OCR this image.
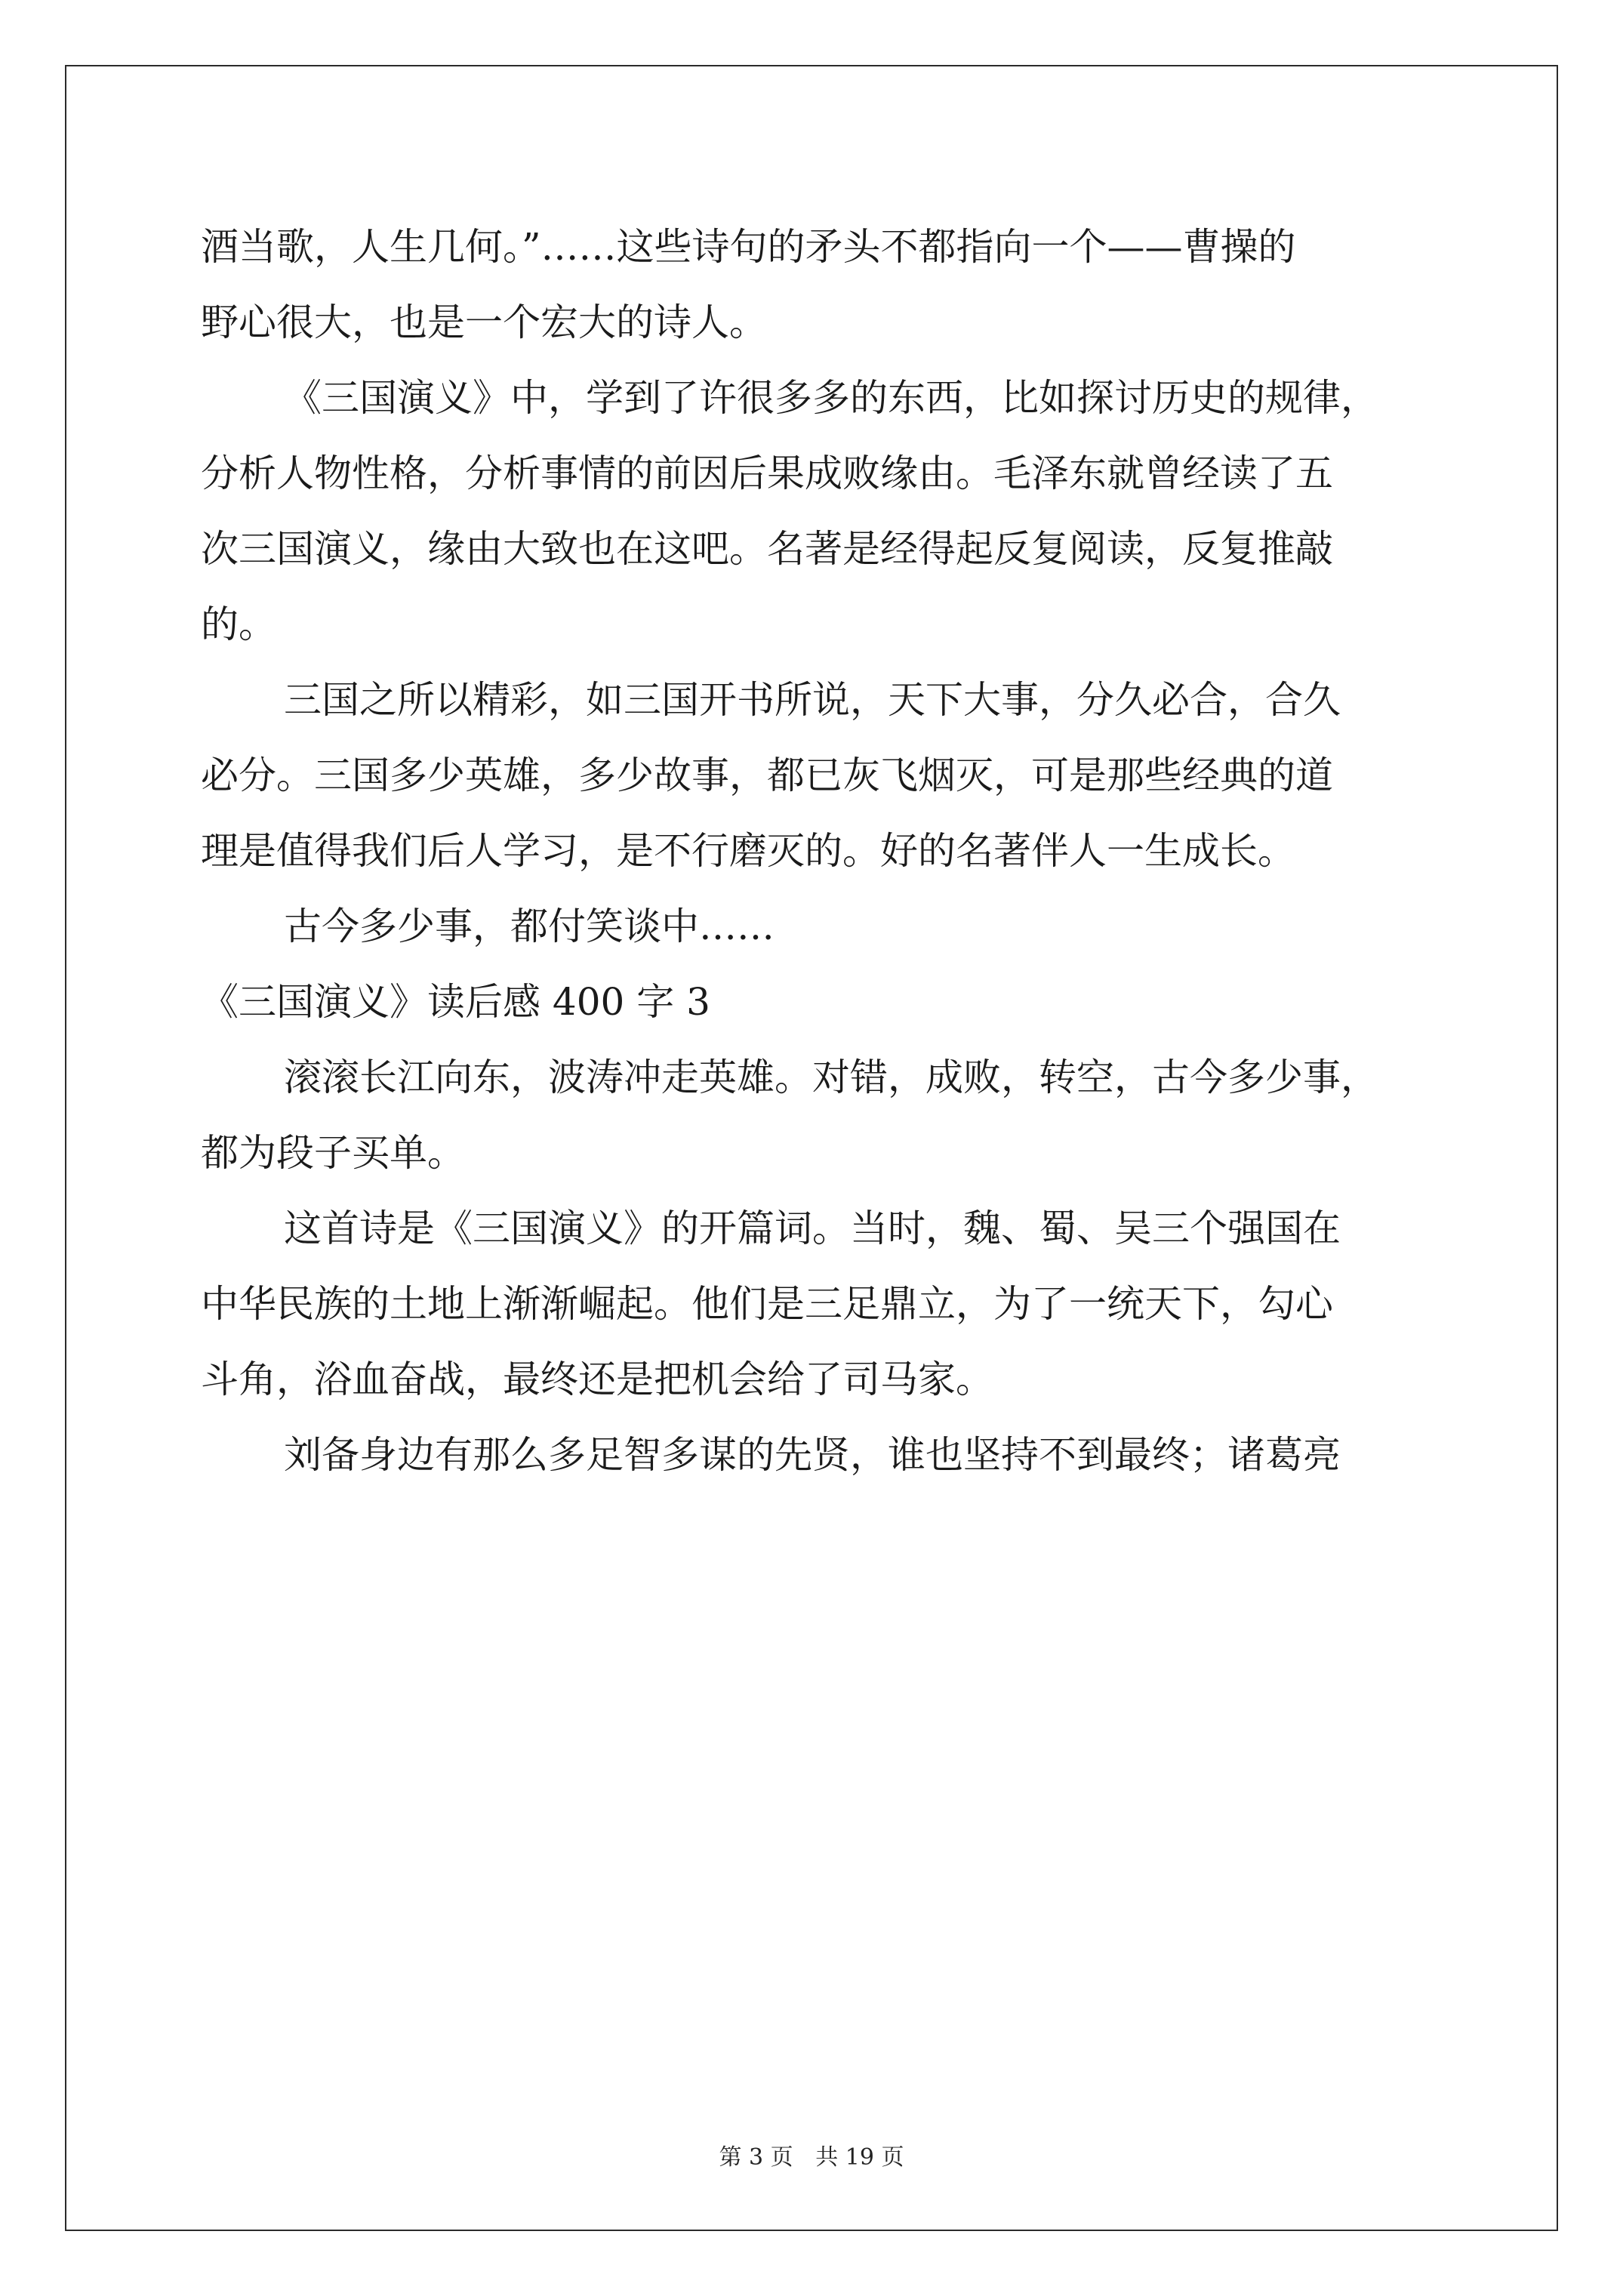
酒当歌，人生几何。”……这些诗句的矛头不都指向一个——曹操的
野心很大，也是一个宏大的诗人。
《三国演义》中，学到了许很多多的东西，比如探讨历史的规律，
分析人物性格，分析事情的前因后果成败缘由。毛泽东就曾经读了五
次三国演义，缘由大致也在这吧。名著是经得起反复阅读，反复推敲
的。
三国之所以精彩，如三国开书所说，天下大事，分久必合，合久
必分。三国多少英雄，多少故事，都已灰飞烟灭，可是那些经典的道
理是值得我们后人学习，是不行磨灭的。好的名著伴人一生成长。
古今多少事，都付笑谈中……
《三国演义》读后感 400 字 3
滚滚长江向东，波涛冲走英雄。对错，成败，转空，古今多少事，
都为段子买单。
这首诗是《三国演义》的开篇词。当时，魏、蜀、吴三个强国在
中华民族的土地上渐渐崛起。他们是三足鼎立，为了一统天下，勾心
斗角，浴血奋战，最终还是把机会给了司马家。
刘备身边有那么多足智多谋的先贤，谁也坚持不到最终；诸葛亮
第 3 页 共 19 页
